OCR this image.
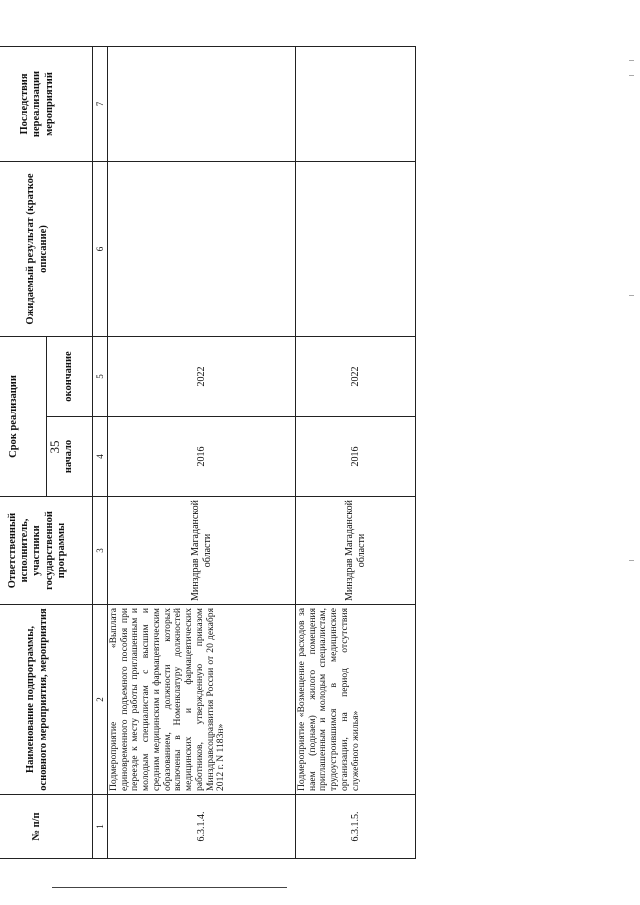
35
№ п/п	Наименование подпрограммы, основного мероприятия, мероприятия	Ответственный исполнитель, участники государственной программы	Срок реализации		Ожидаемый результат (краткое описание)	Последствия нереализации мероприятий
			начало	окончание		
1	2	3	4	5	6	7
6.3.1.4.	Подмероприятие «Выплата единовременного подъемного пособия при переезде к месту работы приглашенным и молодым специалистам с высшим и средним медицинским и фармацевтическим образованием, должности которых включены в Номенклатуру должностей медицинских и фармацевтических работников, утвержденную приказом Минздравсоцразвития России от 20 декабря 2012 г. N 1183н»	Минздрав Магаданской области	2016	2022		
6.3.1.5.	Подмероприятие «Возмещение расходов за наем (поднаем) жилого помещения приглашенным и молодым специалистам, трудоустроившимся в медицинские организации, на период отсутствия служебного жилья»	Минздрав Магаданской области	2016	2022		
